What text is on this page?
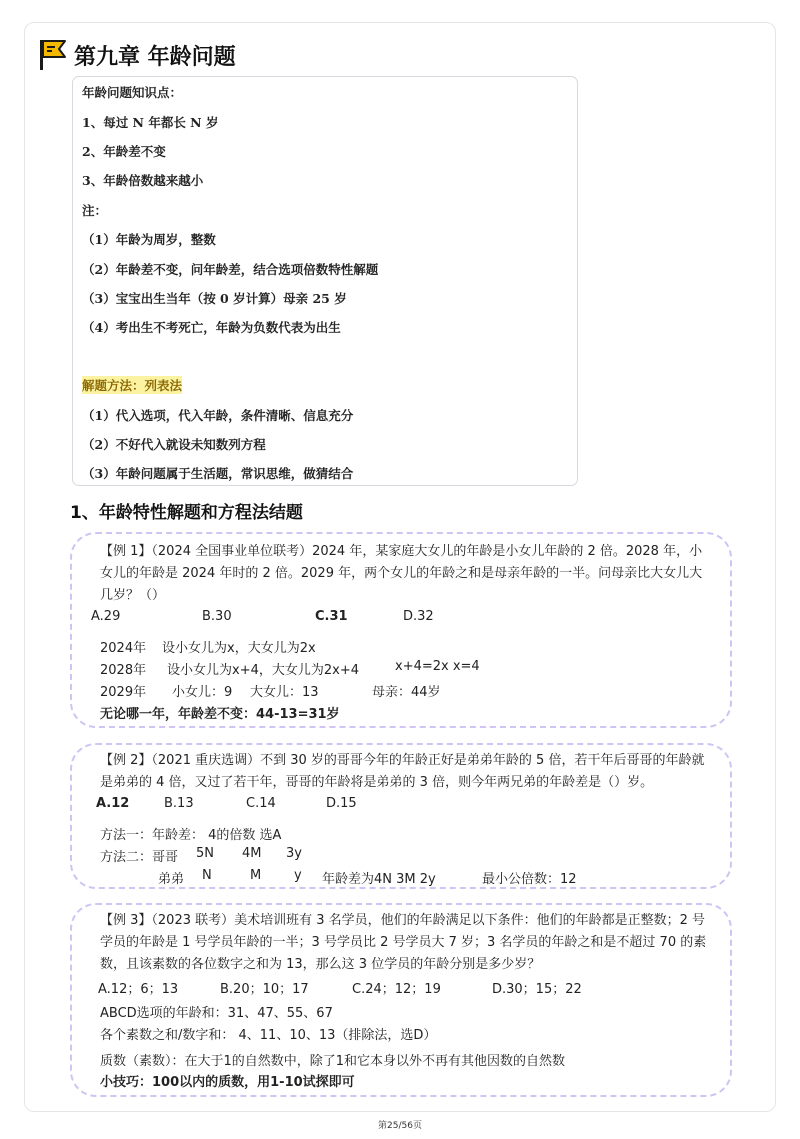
第九章 年龄问题
年龄问题知识点：
1、每过 N 年都长 N 岁
2、年龄差不变
3、年龄倍数越来越小
注：
（1）年龄为周岁，整数
（2）年龄差不变，问年龄差，结合选项倍数特性解题
（3）宝宝出生当年（按 0 岁计算）母亲 25 岁
（4）考出生不考死亡，年龄为负数代表为出生
解题方法：列表法
（1）代入选项，代入年龄，条件清晰、信息充分
（2）不好代入就设未知数列方程
（3）年龄问题属于生活题，常识思维，做猜结合
1、年龄特性解题和方程法结题
【例 1】（2024 全国事业单位联考）2024 年，某家庭大女儿的年龄是小女儿年龄的 2 倍。2028 年，小女儿的年龄是 2024 年时的 2 倍。2029 年，两个女儿的年龄之和是母亲年龄的一半。问母亲比大女儿大几岁？（）
A.29	B.30	C.31	D.32
2024年 设小女儿为x，大女儿为2x
2028年 设小女儿为x+4，大女儿为2x+4	x+4=2x x=4
2029年 小女儿：9 大女儿：13	母亲：44岁
无论哪一年，年龄差不变：44-13=31岁
【例 2】（2021 重庆选调）不到 30 岁的哥哥今年的年龄正好是弟弟年龄的 5 倍，若干年后哥哥的年龄就是弟弟的 4 倍，又过了若干年，哥哥的年龄将是弟弟的 3 倍，则今年两兄弟的年龄差是（）岁。
A.12	B.13	C.14	D.15
方法一：年龄差： 4的倍数 选A
方法二：哥哥 5N 4M 3y
弟弟 N	M	y 年龄差为4N 3M 2y	最小公倍数：12
【例 3】（2023 联考）美术培训班有 3 名学员，他们的年龄满足以下条件：他们的年龄都是正整数；2 号学员的年龄是 1 号学员年龄的一半；3 号学员比 2 号学员大 7 岁；3 名学员的年龄之和是不超过 70 的素数，且该素数的各位数字之和为 13，那么这 3 位学员的年龄分别是多少岁？
A.12；6；13	B.20；10；17	C.24；12；19	D.30；15；22
ABCD选项的年龄和：31、47、55、67
各个素数之和/数字和： 4、11、10、13（排除法，选D）
质数（素数）：在大于1的自然数中，除了1和它本身以外不再有其他因数的自然数
小技巧：100以内的质数，用1-10试探即可
第25/56页
